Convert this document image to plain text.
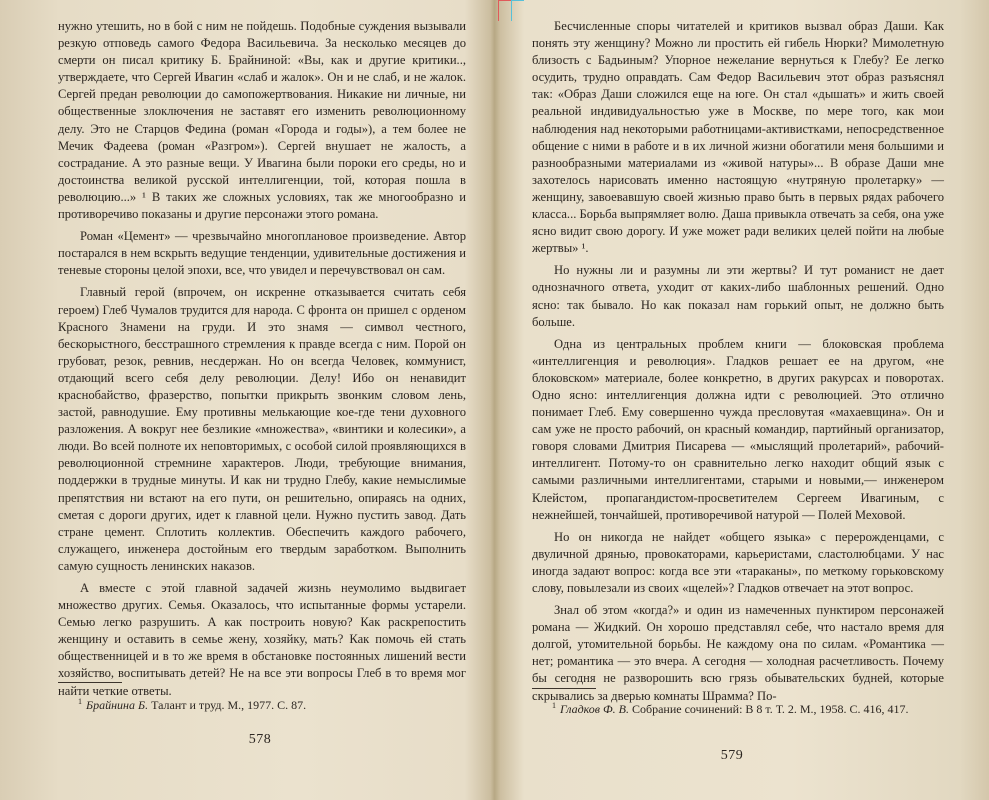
нужно утешить, но в бой с ним не пойдешь. Подобные суждения вызывали резкую отповедь самого Федора Васильевича. За несколько месяцев до смерти он писал критику Б. Брайниной: «Вы, как и другие критики.., утверждаете, что Сергей Ивагин «слаб и жалок». Он и не слаб, и не жалок. Сергей предан революции до самопожертвования. Никакие ни личные, ни общественные злоключения не заставят его изменить революционному делу. Это не Старцов Федина (роман «Города и годы»), а тем более не Мечик Фадеева (роман «Разгром»). Сергей внушает не жалость, а сострадание. А это разные вещи. У Ивагина были пороки его среды, но и достоинства великой русской интеллигенции, той, которая пошла в революцию...» ¹ В таких же сложных условиях, так же многообразно и противоречиво показаны и другие персонажи этого романа.

Роман «Цемент» — чрезвычайно многоплановое произведение. Автор постарался в нем вскрыть ведущие тенденции, удивительные достижения и теневые стороны целой эпохи, все, что увидел и перечувствовал он сам.

Главный герой (впрочем, он искренне отказывается считать себя героем) Глеб Чумалов трудится для народа. С фронта он пришел с орденом Красного Знамени на груди. И это знамя — символ честного, бескорыстного, бесстрашного стремления к правде всегда с ним. Порой он грубоват, резок, ревнив, несдержан. Но он всегда Человек, коммунист, отдающий всего себя делу революции. Делу! Ибо он ненавидит краснобайство, фразерство, попытки прикрыть звонким словом лень, застой, равнодушие. Ему противны мелькающие кое-где тени духовного разложения. А вокруг нее безликие «множества», «винтики и колесики», а люди. Во всей полноте их неповторимых, с особой силой проявляющихся в революционной стремнине характеров. Люди, требующие внимания, поддержки в трудные минуты. И как ни трудно Глебу, какие немыслимые препятствия ни встают на его пути, он решительно, опираясь на одних, сметая с дороги других, идет к главной цели. Нужно пустить завод. Дать стране цемент. Сплотить коллектив. Обеспечить каждого рабочего, служащего, инженера достойным его твердым заработком. Выполнить самую сущность ленинских наказов.

А вместе с этой главной задачей жизнь неумолимо выдвигает множество других. Семья. Оказалось, что испытанные формы устарели. Семью легко разрушить. А как построить новую? Как раскрепостить женщину и оставить в семье жену, хозяйку, мать? Как помочь ей стать общественницей и в то же время в обстановке постоянных лишений вести хозяйство, воспитывать детей? Не на все эти вопросы Глеб в то время мог найти четкие ответы.

$^1$ Брайнина Б. Талант и труд. М., 1977. С. 87.
578

Бесчисленные споры читателей и критиков вызвал образ Даши. Как понять эту женщину? Можно ли простить ей гибель Нюрки? Мимолетную близость с Бадьиным? Упорное нежелание вернуться к Глебу? Ее легко осудить, трудно оправдать. Сам Федор Васильевич этот образ разъяснял так: «Образ Даши сложился еще на юге. Он стал «дышать» и жить своей реальной индивидуальностью уже в Москве, по мере того, как мои наблюдения над некоторыми работницами-активистками, непосредственное общение с ними в работе и в их личной жизни обогатили меня большими и разнообразными материалами из «живой натуры»... В образе Даши мне захотелось нарисовать именно настоящую «нутряную пролетарку» — женщину, завоевавшую своей жизнью право быть в первых рядах рабочего класса... Борьба выпрямляет волю. Даша привыкла отвечать за себя, она уже ясно видит свою дорогу. И уже может ради великих целей пойти на любые жертвы» ¹.

Но нужны ли и разумны ли эти жертвы? И тут романист не дает однозначного ответа, уходит от каких-либо шаблонных решений. Одно ясно: так бывало. Но как показал нам горький опыт, не должно быть больше.

Одна из центральных проблем книги — блоковская проблема «интеллигенция и революция». Гладков решает ее на другом, «не блоковском» материале, более конкретно, в других ракурсах и поворотах. Одно ясно: интеллигенция должна идти с революцией. Это отлично понимает Глеб. Ему совершенно чужда пресловутая «махаевщина». Он и сам уже не просто рабочий, он красный командир, партийный организатор, говоря словами Дмитрия Писарева — «мыслящий пролетарий», рабочий-интеллигент. Потому-то он сравнительно легко находит общий язык с самыми различными интеллигентами, старыми и новыми,— инженером Клейстом, пропагандистом-просветителем Сергеем Ивагиным, с нежнейшей, тончайшей, противоречивой натурой — Полей Меховой.

Но он никогда не найдет «общего языка» с перерожденцами, с двуличной дрянью, провокаторами, карьеристами, сластолюбцами. У нас иногда задают вопрос: когда все эти «тараканы», по меткому горьковскому слову, повылезали из своих «щелей»? Гладков отвечает на этот вопрос.

Знал об этом «когда?» и один из намеченных пунктиром персонажей романа — Жидкий. Он хорошо представлял себе, что настало время для долгой, утомительной борьбы. Не каждому она по силам. «Романтика — нет; романтика — это вчера. А сегодня — холодная расчетливость. Почему бы сегодня не разворошить всю грязь обывательских будней, которые скрывались за дверью комнаты Шрамма? По-

$^1$ Гладков Ф. В. Собрание сочинений: В 8 т. Т. 2. М., 1958. С. 416, 417.
579
